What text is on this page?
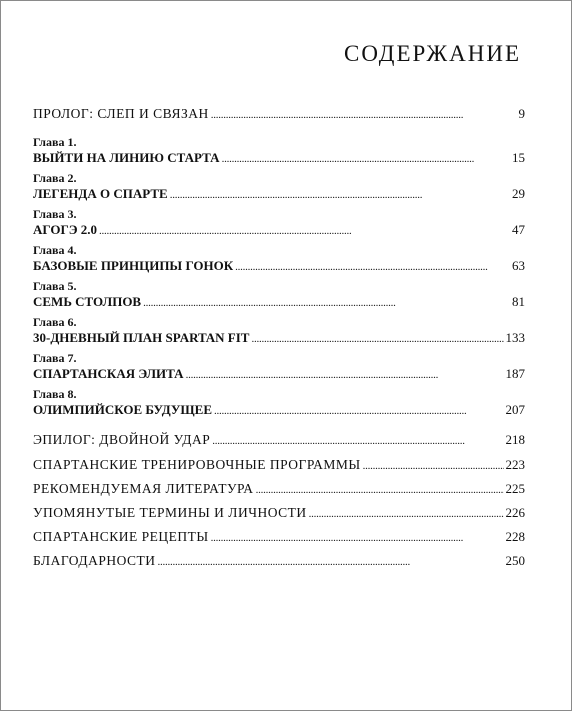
СОДЕРЖАНИЕ
ПРОЛОГ: СЛЕП И СВЯЗАН . . .	9
Глава 1.
ВЫЙТИ НА ЛИНИЮ СТАРТА . . .	15
Глава 2.
ЛЕГЕНДА О СПАРТЕ . . .	29
Глава 3.
АГОГЭ 2.0 . . .	47
Глава 4.
БАЗОВЫЕ ПРИНЦИПЫ ГОНОК . . .	63
Глава 5.
СЕМЬ СТОЛПОВ . . .	81
Глава 6.
30-ДНЕВНЫЙ ПЛАН SPARTAN FIT . . .	133
Глава 7.
СПАРТАНСКАЯ ЭЛИТА . . .	187
Глава 8.
ОЛИМПИЙСКОЕ БУДУЩЕЕ . . .	207
ЭПИЛОГ: ДВОЙНОЙ УДАР . . .	218
СПАРТАНСКИЕ ТРЕНИРОВОЧНЫЕ ПРОГРАММЫ . . .	223
РЕКОМЕНДУЕМАЯ ЛИТЕРАТУРА . . .	225
УПОМЯНУТЫЕ ТЕРМИНЫ И ЛИЧНОСТИ . . .	226
СПАРТАНСКИЕ РЕЦЕПТЫ . . .	228
БЛАГОДАРНОСТИ . . .	250
